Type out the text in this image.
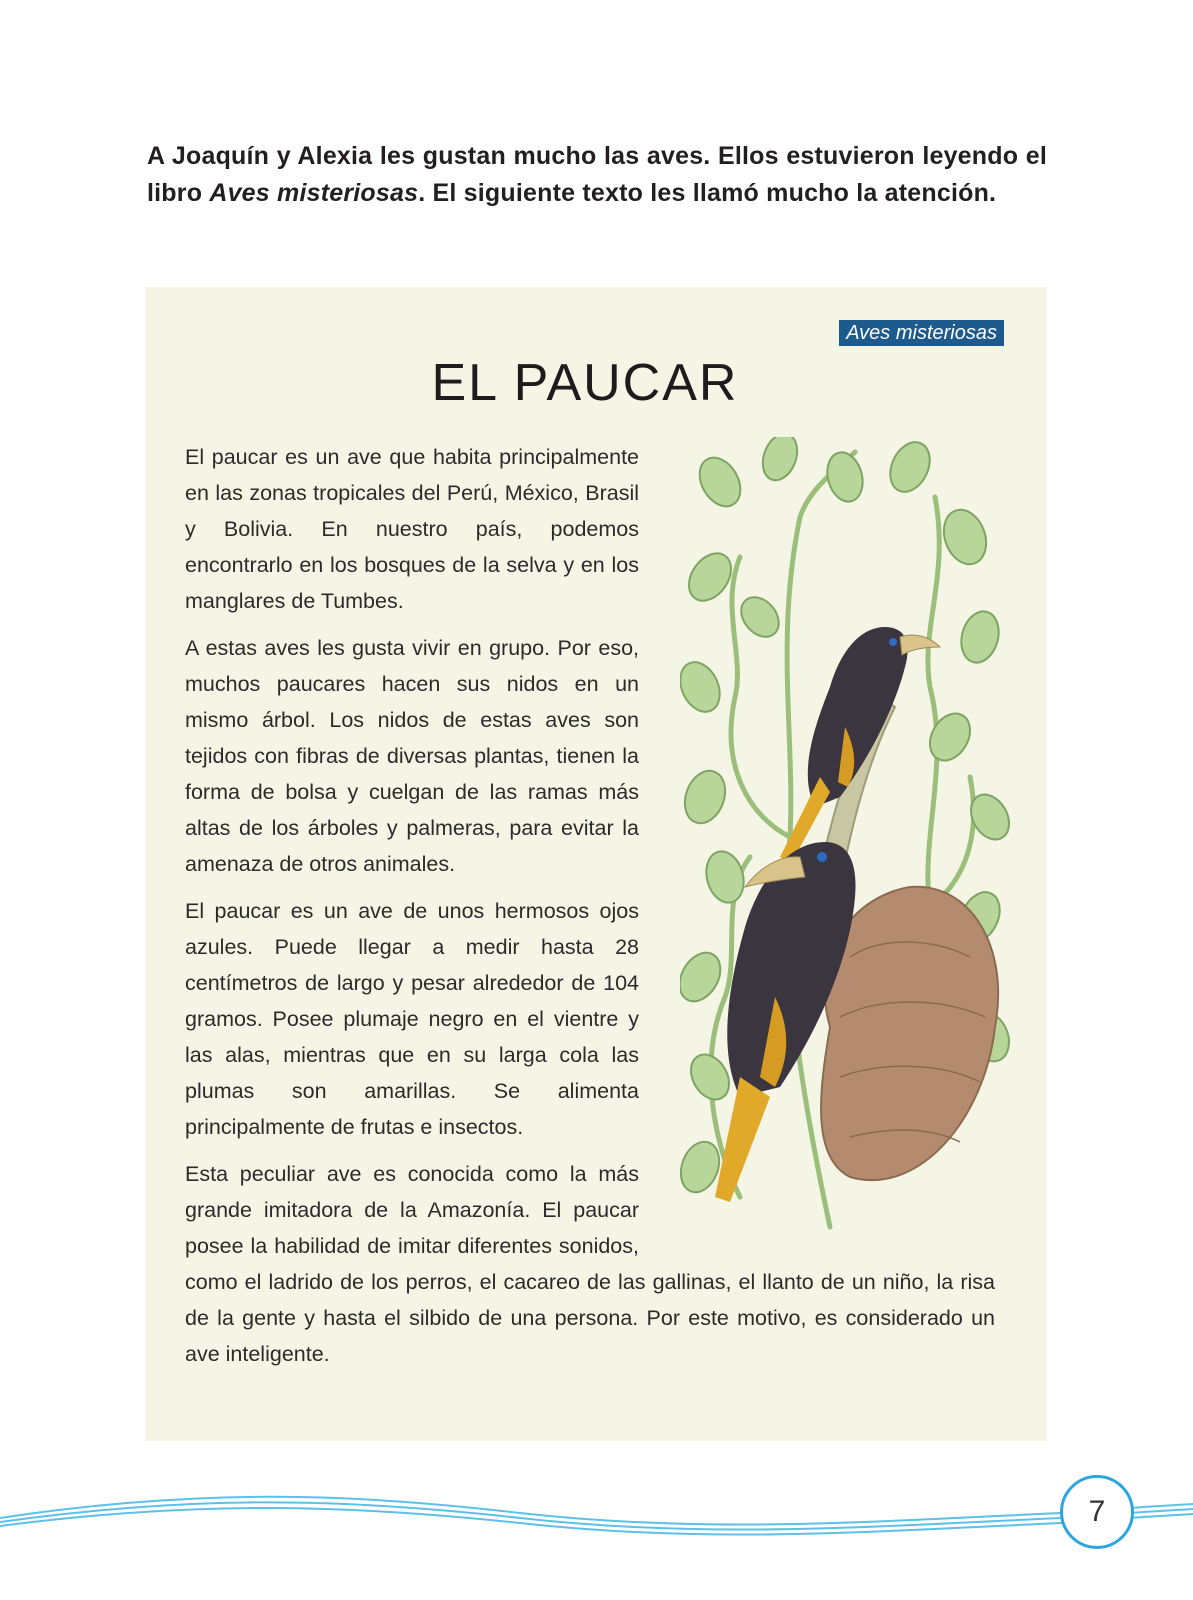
A Joaquín y Alexia les gustan mucho las aves. Ellos estuvieron leyendo el libro Aves misteriosas. El siguiente texto les llamó mucho la atención.
Aves misteriosas
EL PAUCAR

El paucar es un ave que habita principalmente en las zonas tropicales del Perú, México, Brasil y Bolivia. En nuestro país, podemos encontrarlo en los bosques de la selva y en los manglares de Tumbes.

A estas aves les gusta vivir en grupo. Por eso, muchos paucares hacen sus nidos en un mismo árbol. Los nidos de estas aves son tejidos con fibras de diversas plantas, tienen la forma de bolsa y cuelgan de las ramas más altas de los árboles y palmeras, para evitar la amenaza de otros animales.

El paucar es un ave de unos hermosos ojos azules. Puede llegar a medir hasta 28 centímetros de largo y pesar alrededor de 104 gramos. Posee plumaje negro en el vientre y las alas, mientras que en su larga cola las plumas son amarillas. Se alimenta principalmente de frutas e insectos.

Esta peculiar ave es conocida como la más grande imitadora de la Amazonía. El paucar posee la habilidad de imitar diferentes sonidos, como el ladrido de los perros, el cacareo de las gallinas, el llanto de un niño, la risa de la gente y hasta el silbido de una persona. Por este motivo, es considerado un ave inteligente.

7
